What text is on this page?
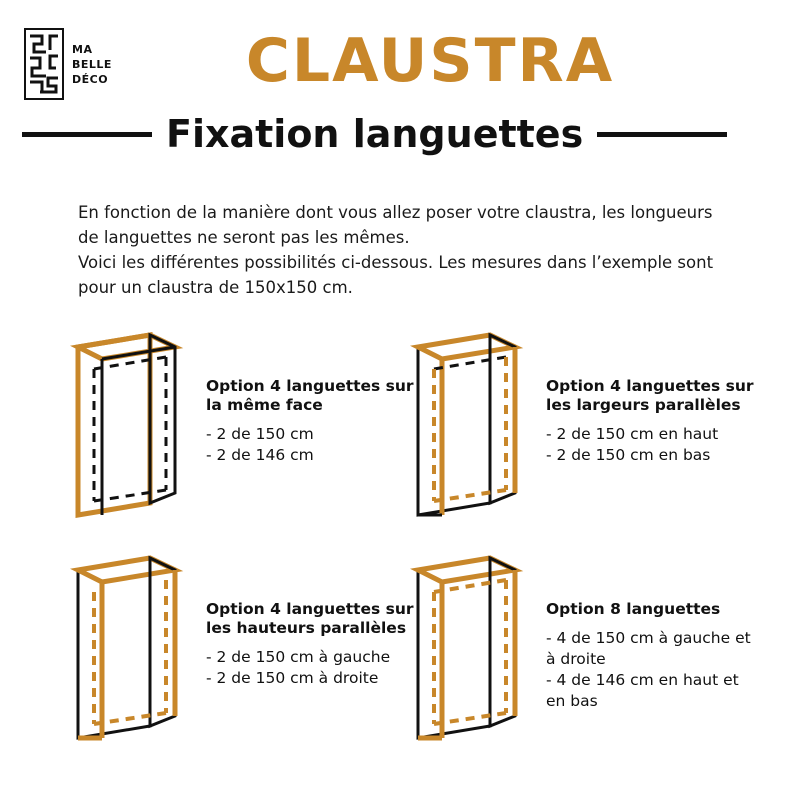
MA
BELLE
DÉCO	CLAUSTRA
Fixation languettes
En fonction de la manière dont vous allez poser votre claustra, les longueurs de languettes ne seront pas les mêmes.
Voici les différentes possibilités ci-dessous. Les mesures dans l’exemple sont pour un claustra de 150x150 cm.
Option 4 languettes sur la même face
- 2 de 150 cm
- 2 de 146 cm
Option 4 languettes sur les largeurs parallèles
- 2 de 150 cm en haut
- 2 de 150 cm en bas
Option 4 languettes sur les hauteurs parallèles
- 2 de 150 cm à gauche
- 2 de 150 cm à droite
Option 8 languettes
- 4 de 150 cm à gauche et à droite
- 4 de 146 cm en haut et en bas
